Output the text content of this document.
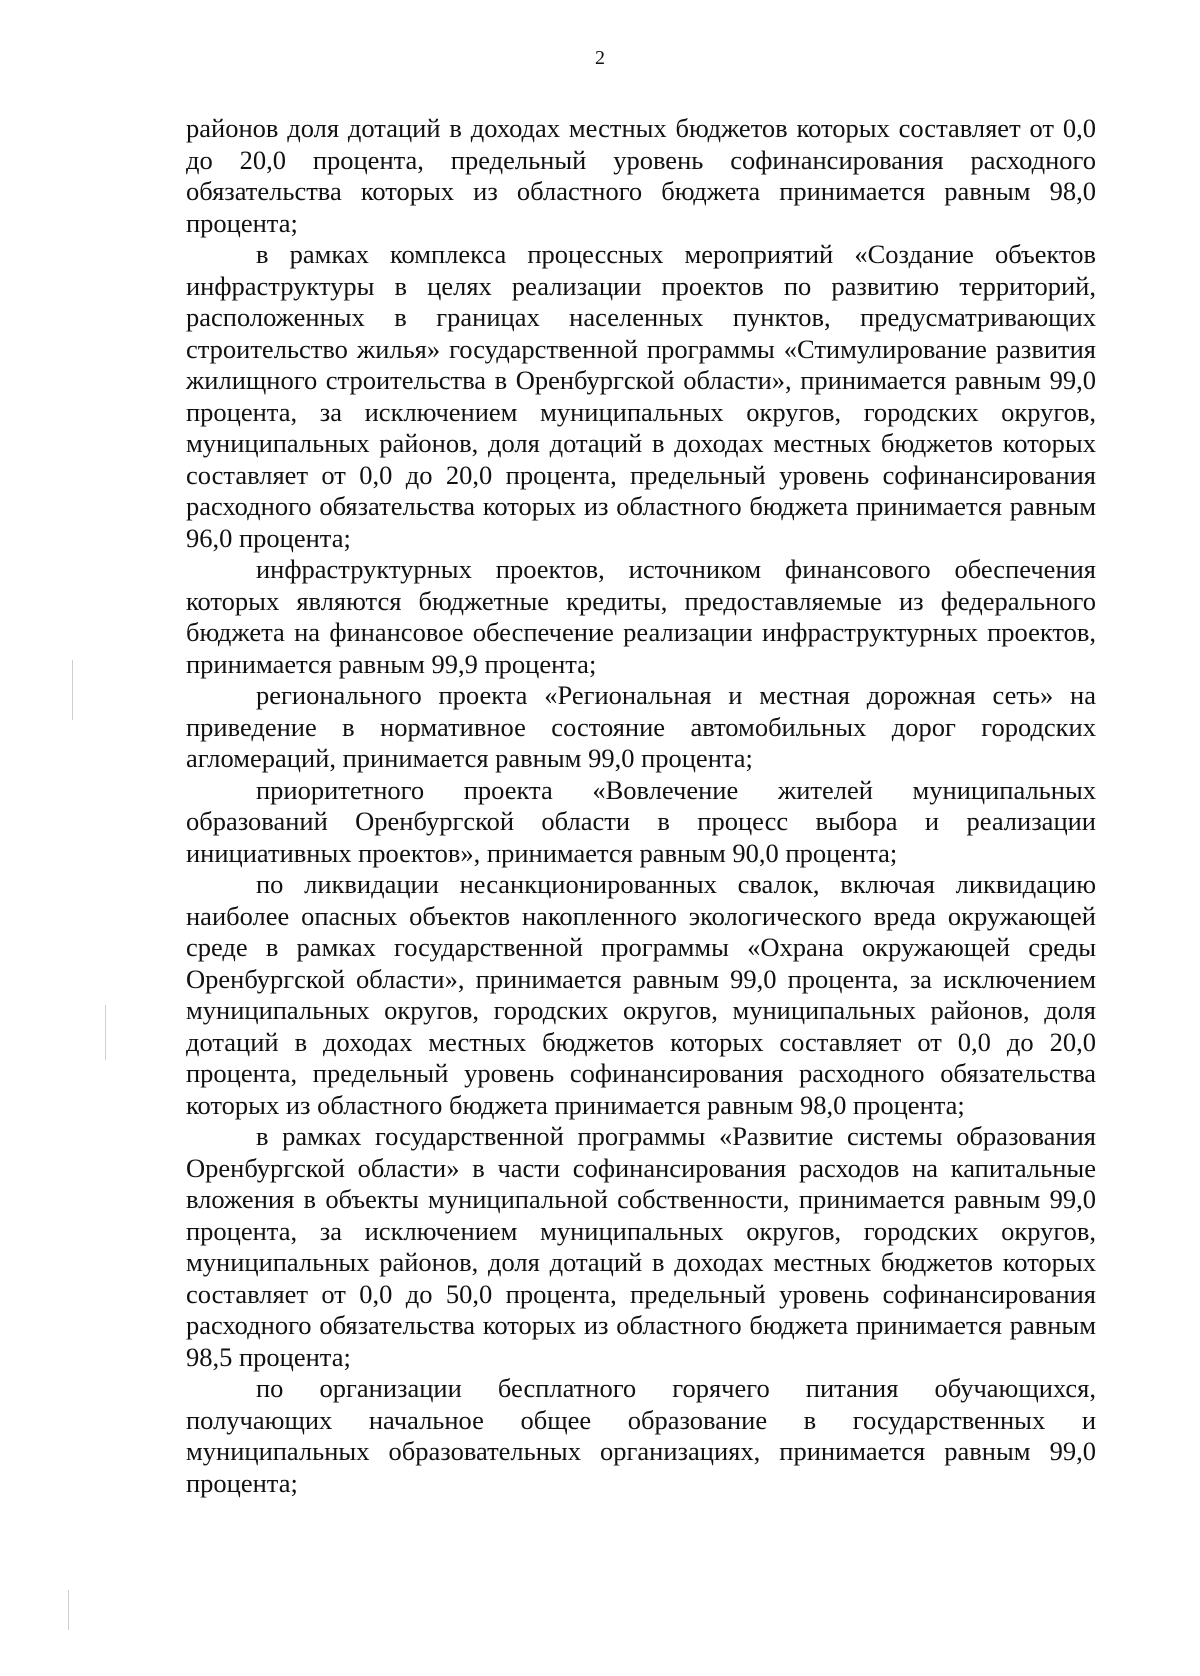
2

районов доля дотаций в доходах местных бюджетов которых составляет от 0,0 до 20,0 процента, предельный уровень софинансирования расходного обязательства которых из областного бюджета принимается равным 98,0 процента;

в рамках комплекса процессных мероприятий «Создание объектов инфраструктуры в целях реализации проектов по развитию территорий, расположенных в границах населенных пунктов, предусматривающих строительство жилья» государственной программы «Стимулирование развития жилищного строительства в Оренбургской области», принимается равным 99,0 процента, за исключением муниципальных округов, городских округов, муниципальных районов, доля дотаций в доходах местных бюджетов которых составляет от 0,0 до 20,0 процента, предельный уровень софинансирования расходного обязательства которых из областного бюджета принимается равным 96,0 процента;

инфраструктурных проектов, источником финансового обеспечения которых являются бюджетные кредиты, предоставляемые из федерального бюджета на финансовое обеспечение реализации инфраструктурных проектов, принимается равным 99,9 процента;

регионального проекта «Региональная и местная дорожная сеть» на приведение в нормативное состояние автомобильных дорог городских агломераций, принимается равным 99,0 процента;

приоритетного проекта «Вовлечение жителей муниципальных образований Оренбургской области в процесс выбора и реализации инициативных проектов», принимается равным 90,0 процента;

по ликвидации несанкционированных свалок, включая ликвидацию наиболее опасных объектов накопленного экологического вреда окружающей среде в рамках государственной программы «Охрана окружающей среды Оренбургской области», принимается равным 99,0 процента, за исключением муниципальных округов, городских округов, муниципальных районов, доля дотаций в доходах местных бюджетов которых составляет от 0,0 до 20,0 процента, предельный уровень софинансирования расходного обязательства которых из областного бюджета принимается равным 98,0 процента;

в рамках государственной программы «Развитие системы образования Оренбургской области» в части софинансирования расходов на капитальные вложения в объекты муниципальной собственности, принимается равным 99,0 процента, за исключением муниципальных округов, городских округов, муниципальных районов, доля дотаций в доходах местных бюджетов которых составляет от 0,0 до 50,0 процента, предельный уровень софинансирования расходного обязательства которых из областного бюджета принимается равным 98,5 процента;

по организации бесплатного горячего питания обучающихся, получающих начальное общее образование в государственных и муниципальных образовательных организациях, принимается равным 99,0 процента;
